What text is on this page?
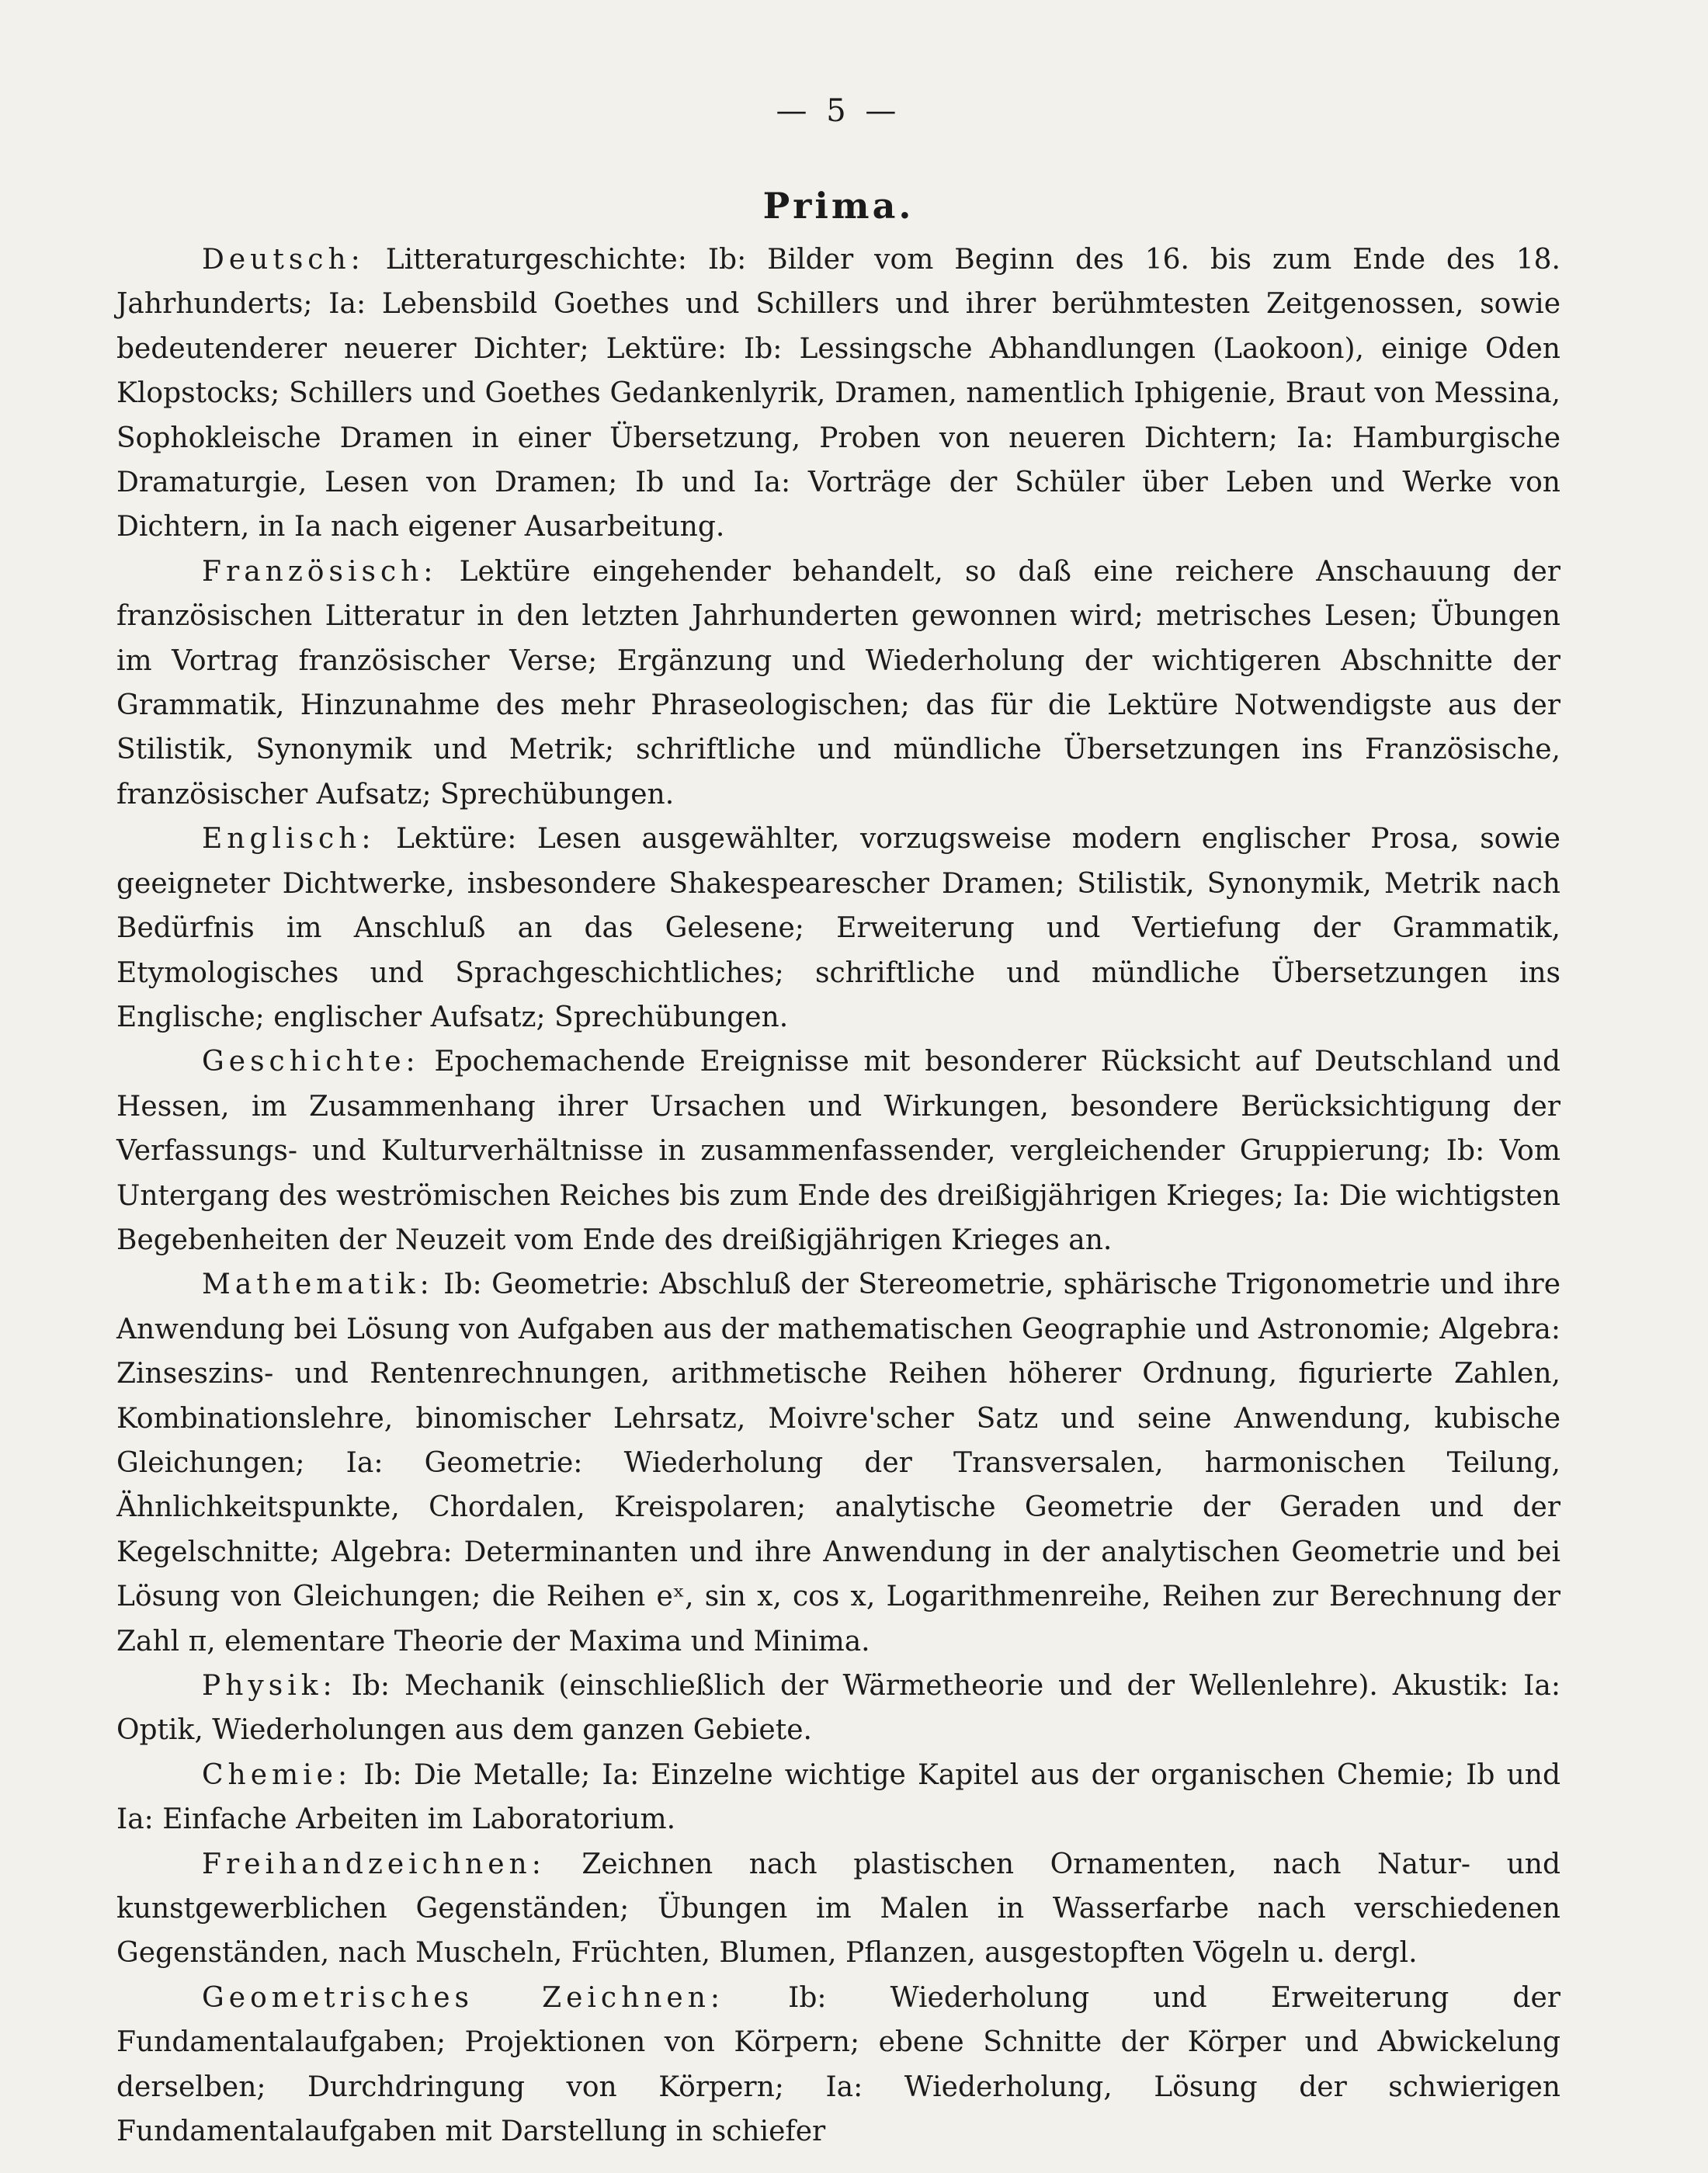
— 5 —
Prima.

Deutsch: Litteraturgeschichte: Ib: Bilder vom Beginn des 16. bis zum Ende des 18. Jahrhunderts; Ia: Lebensbild Goethes und Schillers und ihrer berühmtesten Zeitgenossen, sowie bedeutenderer neuerer Dichter; Lektüre: Ib: Lessingsche Abhandlungen (Laokoon), einige Oden Klopstocks; Schillers und Goethes Gedankenlyrik, Dramen, namentlich Iphigenie, Braut von Messina, Sophokleische Dramen in einer Übersetzung, Proben von neueren Dichtern; Ia: Hamburgische Dramaturgie, Lesen von Dramen; Ib und Ia: Vorträge der Schüler über Leben und Werke von Dichtern, in Ia nach eigener Ausarbeitung.

Französisch: Lektüre eingehender behandelt, so daß eine reichere Anschauung der französischen Litteratur in den letzten Jahrhunderten gewonnen wird; metrisches Lesen; Übungen im Vortrag französischer Verse; Ergänzung und Wiederholung der wichtigeren Abschnitte der Grammatik, Hinzunahme des mehr Phraseologischen; das für die Lektüre Notwendigste aus der Stilistik, Synonymik und Metrik; schriftliche und mündliche Übersetzungen ins Französische, französischer Aufsatz; Sprechübungen.

Englisch: Lektüre: Lesen ausgewählter, vorzugsweise modern englischer Prosa, sowie geeigneter Dichtwerke, insbesondere Shakespearescher Dramen; Stilistik, Synonymik, Metrik nach Bedürfnis im Anschluß an das Gelesene; Erweiterung und Vertiefung der Grammatik, Etymologisches und Sprachgeschichtliches; schriftliche und mündliche Übersetzungen ins Englische; englischer Aufsatz; Sprechübungen.

Geschichte: Epochemachende Ereignisse mit besonderer Rücksicht auf Deutschland und Hessen, im Zusammenhang ihrer Ursachen und Wirkungen, besondere Berücksichtigung der Verfassungs- und Kulturverhältnisse in zusammenfassender, vergleichender Gruppierung; Ib: Vom Untergang des weströmischen Reiches bis zum Ende des dreißigjährigen Krieges; Ia: Die wichtigsten Begebenheiten der Neuzeit vom Ende des dreißigjährigen Krieges an.

Mathematik: Ib: Geometrie: Abschluß der Stereometrie, sphärische Trigonometrie und ihre Anwendung bei Lösung von Aufgaben aus der mathematischen Geographie und Astronomie; Algebra: Zinseszins- und Rentenrechnungen, arithmetische Reihen höherer Ordnung, figurierte Zahlen, Kombinationslehre, binomischer Lehrsatz, Moivre'scher Satz und seine Anwendung, kubische Gleichungen; Ia: Geometrie: Wiederholung der Transversalen, harmonischen Teilung, Ähnlichkeitspunkte, Chordalen, Kreispolaren; analytische Geometrie der Geraden und der Kegelschnitte; Algebra: Determinanten und ihre Anwendung in der analytischen Geometrie und bei Lösung von Gleichungen; die Reihen eˣ, sin x, cos x, Logarithmenreihe, Reihen zur Berechnung der Zahl π, elementare Theorie der Maxima und Minima.

Physik: Ib: Mechanik (einschließlich der Wärmetheorie und der Wellenlehre). Akustik: Ia: Optik, Wiederholungen aus dem ganzen Gebiete.

Chemie: Ib: Die Metalle; Ia: Einzelne wichtige Kapitel aus der organischen Chemie; Ib und Ia: Einfache Arbeiten im Laboratorium.

Freihandzeichnen: Zeichnen nach plastischen Ornamenten, nach Natur- und kunstgewerblichen Gegenständen; Übungen im Malen in Wasserfarbe nach verschiedenen Gegenständen, nach Muscheln, Früchten, Blumen, Pflanzen, ausgestopften Vögeln u. dergl.

Geometrisches Zeichnen: Ib: Wiederholung und Erweiterung der Fundamentalaufgaben; Projektionen von Körpern; ebene Schnitte der Körper und Abwickelung derselben; Durchdringung von Körpern; Ia: Wiederholung, Lösung der schwierigen Fundamentalaufgaben mit Darstellung in schiefer
